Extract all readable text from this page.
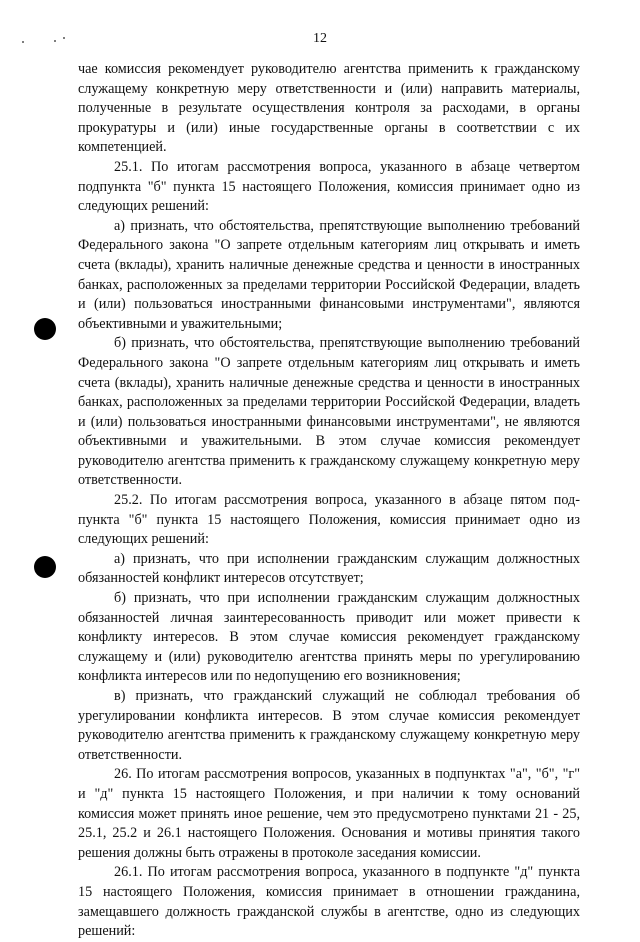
12

чае комиссия рекомендует руководителю агентства применить к гражданскому служащему конкретную меру ответственности и (или) направить материалы, полученные в результате осуществления контроля за расходами, в органы прокуратуры и (или) иные государственные органы в соответствии с их компетенцией.

25.1. По итогам рассмотрения вопроса, указанного в абзаце четвертом подпункта "б" пункта 15 настоящего Положения, комиссия принимает одно из следующих решений:

а) признать, что обстоятельства, препятствующие выполнению требований Федерального закона "О запрете отдельным категориям лиц открывать и иметь счета (вклады), хранить наличные денежные средства и ценности в иностранных банках, расположенных за пределами территории Российской Федерации, владеть и (или) пользоваться иностранными финансовыми инструментами", являются объективными и уважительными;

б) признать, что обстоятельства, препятствующие выполнению требований Федерального закона "О запрете отдельным категориям лиц открывать и иметь счета (вклады), хранить наличные денежные средства и ценности в иностранных банках, расположенных за пределами территории Российской Федерации, владеть и (или) пользоваться иностранными финансовыми инструментами", не являются объективными и уважительными. В этом случае комиссия рекомендует руководителю агентства применить к гражданскому служащему конкретную меру ответственности.

25.2. По итогам рассмотрения вопроса, указанного в абзаце пятом подпункта "б" пункта 15 настоящего Положения, комиссия принимает одно из следующих решений:

а) признать, что при исполнении гражданским служащим должностных обязанностей конфликт интересов отсутствует;

б) признать, что при исполнении гражданским служащим должностных обязанностей личная заинтересованность приводит или может привести к конфликту интересов. В этом случае комиссия рекомендует гражданскому служащему и (или) руководителю агентства принять меры по урегулированию конфликта интересов или по недопущению его возникновения;

в) признать, что гражданский служащий не соблюдал требования об урегулировании конфликта интересов. В этом случае комиссия рекомендует руководителю агентства применить к гражданскому служащему конкретную меру ответственности.

26. По итогам рассмотрения вопросов, указанных в подпунктах "а", "б", "г" и "д" пункта 15 настоящего Положения, и при наличии к тому оснований комиссия может принять иное решение, чем это предусмотрено пунктами 21 - 25, 25.1, 25.2 и 26.1 настоящего Положения. Основания и мотивы принятия такого решения должны быть отражены в протоколе заседания комиссии.

26.1. По итогам рассмотрения вопроса, указанного в подпункте "д" пункта 15 настоящего Положения, комиссия принимает в отношении гражданина, замещавшего должность гражданской службы в агентстве, одно из следующих решений:
